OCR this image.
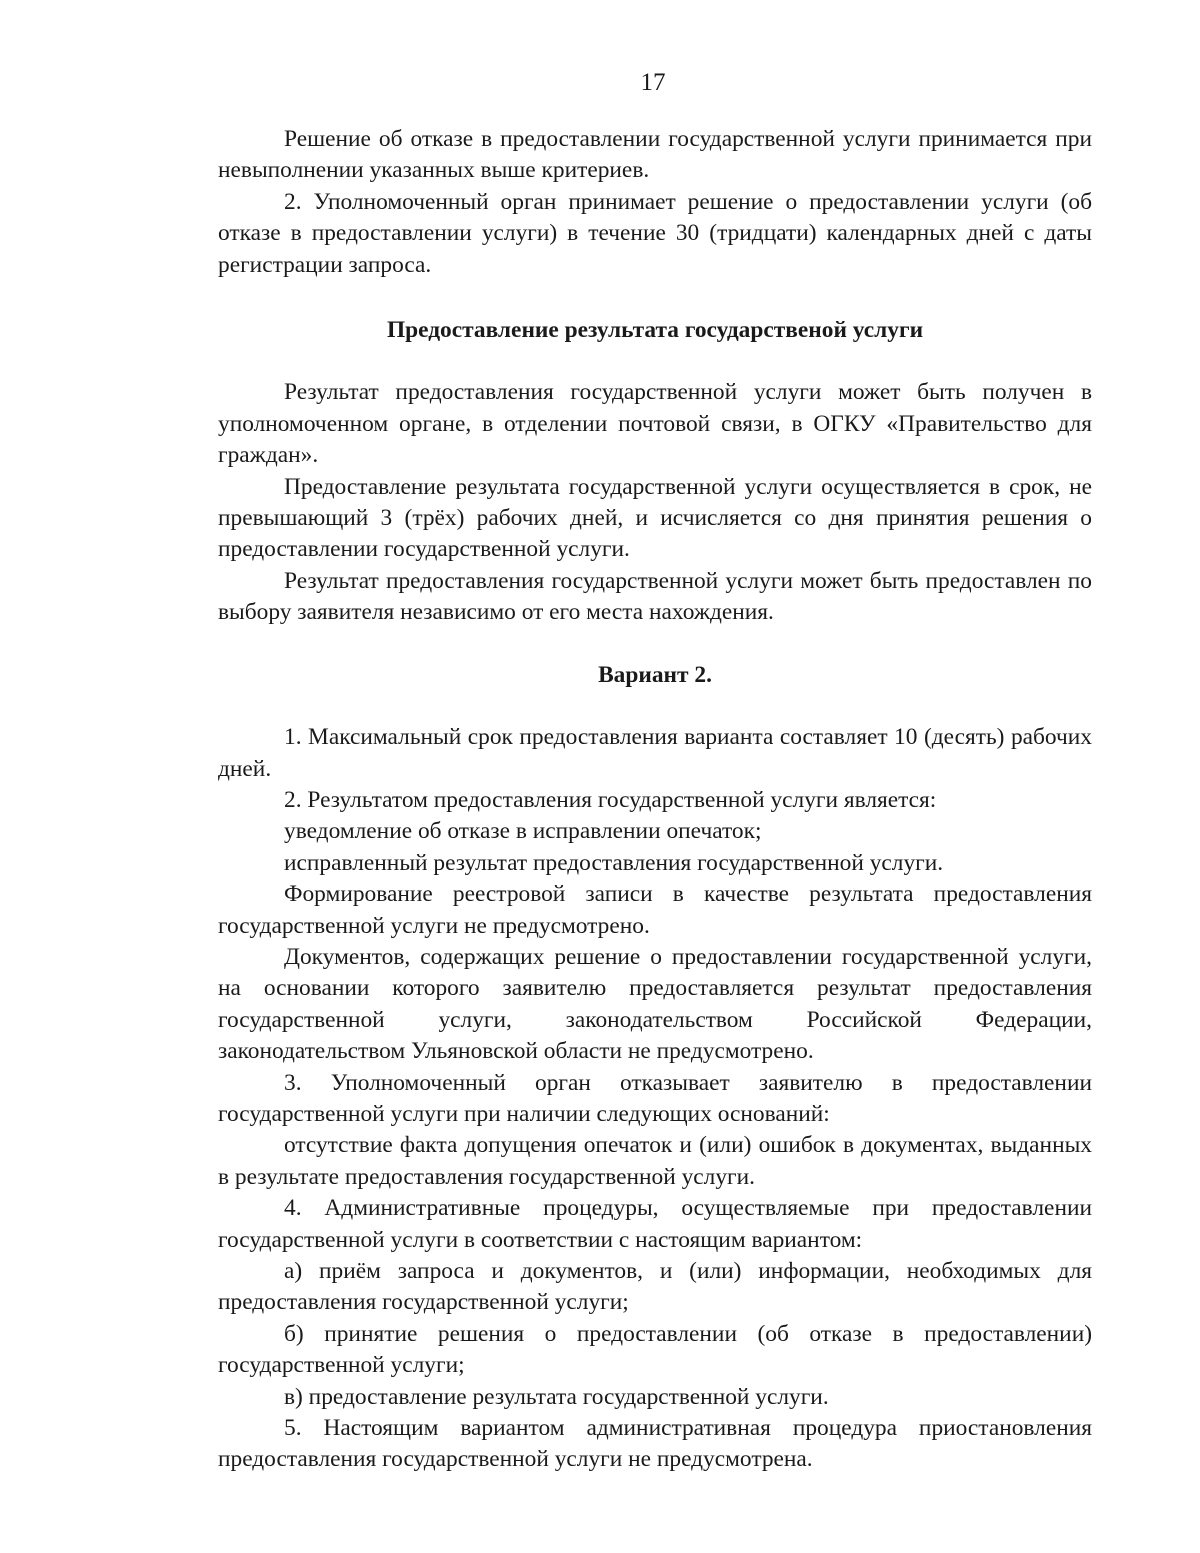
17

Решение об отказе в предоставлении государственной услуги принимается при невыполнении указанных выше критериев.

2. Уполномоченный орган принимает решение о предоставлении услуги (об отказе в предоставлении услуги) в течение 30 (тридцати) календарных дней с даты регистрации запроса.

Предоставление результата государственой услуги

Результат предоставления государственной услуги может быть получен в уполномоченном органе, в отделении почтовой связи, в ОГКУ «Правительство для граждан».

Предоставление результата государственной услуги осуществляется в срок, не превышающий 3 (трёх) рабочих дней, и исчисляется со дня принятия решения о предоставлении государственной услуги.

Результат предоставления государственной услуги может быть предоставлен по выбору заявителя независимо от его места нахождения.

Вариант 2.

1. Максимальный срок предоставления варианта составляет 10 (десять) рабочих дней.

2. Результатом предоставления государственной услуги является:

уведомление об отказе в исправлении опечаток;

исправленный результат предоставления государственной услуги.

Формирование реестровой записи в качестве результата предоставления государственной услуги не предусмотрено.

Документов, содержащих решение о предоставлении государственной услуги, на основании которого заявителю предоставляется результат предоставления государственной услуги, законодательством Российской Федерации, законодательством Ульяновской области не предусмотрено.

3. Уполномоченный орган отказывает заявителю в предоставлении государственной услуги при наличии следующих оснований:

отсутствие факта допущения опечаток и (или) ошибок в документах, выданных в результате предоставления государственной услуги.

4. Административные процедуры, осуществляемые при предоставлении государственной услуги в соответствии с настоящим вариантом:

а) приём запроса и документов, и (или) информации, необходимых для предоставления государственной услуги;

б) принятие решения о предоставлении (об отказе в предоставлении) государственной услуги;

в) предоставление результата государственной услуги.

5. Настоящим вариантом административная процедура приостановления предоставления государственной услуги не предусмотрена.
